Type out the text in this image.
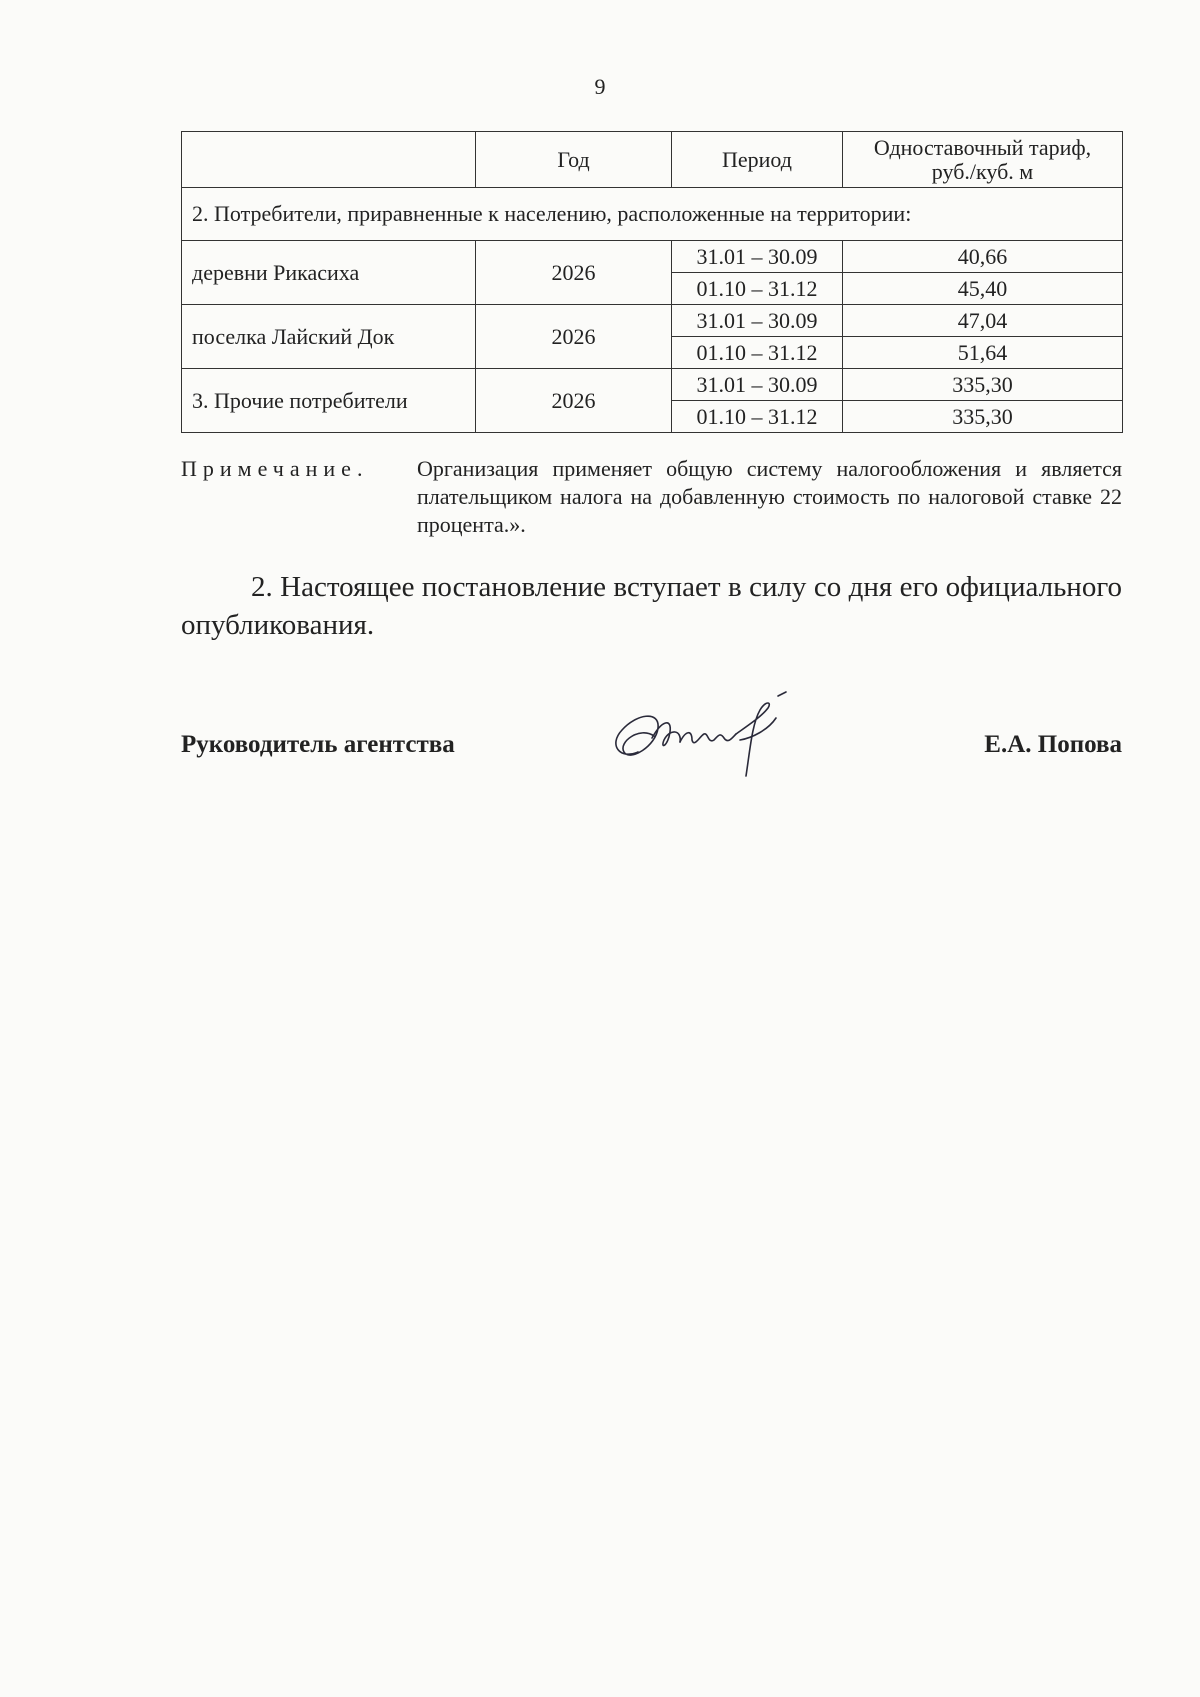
9
	Год	Период	Одноставочный тариф, руб./куб. м
2. Потребители, приравненные к населению, расположенные на территории:			
деревни Рикасиха	2026	31.01 – 30.09	40,66
		01.10 – 31.12	45,40
поселка Лайский Док	2026	31.01 – 30.09	47,04
		01.10 – 31.12	51,64
3. Прочие потребители	2026	31.01 – 30.09	335,30
		01.10 – 31.12	335,30
Примечание. Организация применяет общую систему налогообложения и является плательщиком налога на добавленную стоимость по налоговой ставке 22 процента.».
2. Настоящее постановление вступает в силу со дня его официального опубликования.
Руководитель агентства	Е.А. Попова
